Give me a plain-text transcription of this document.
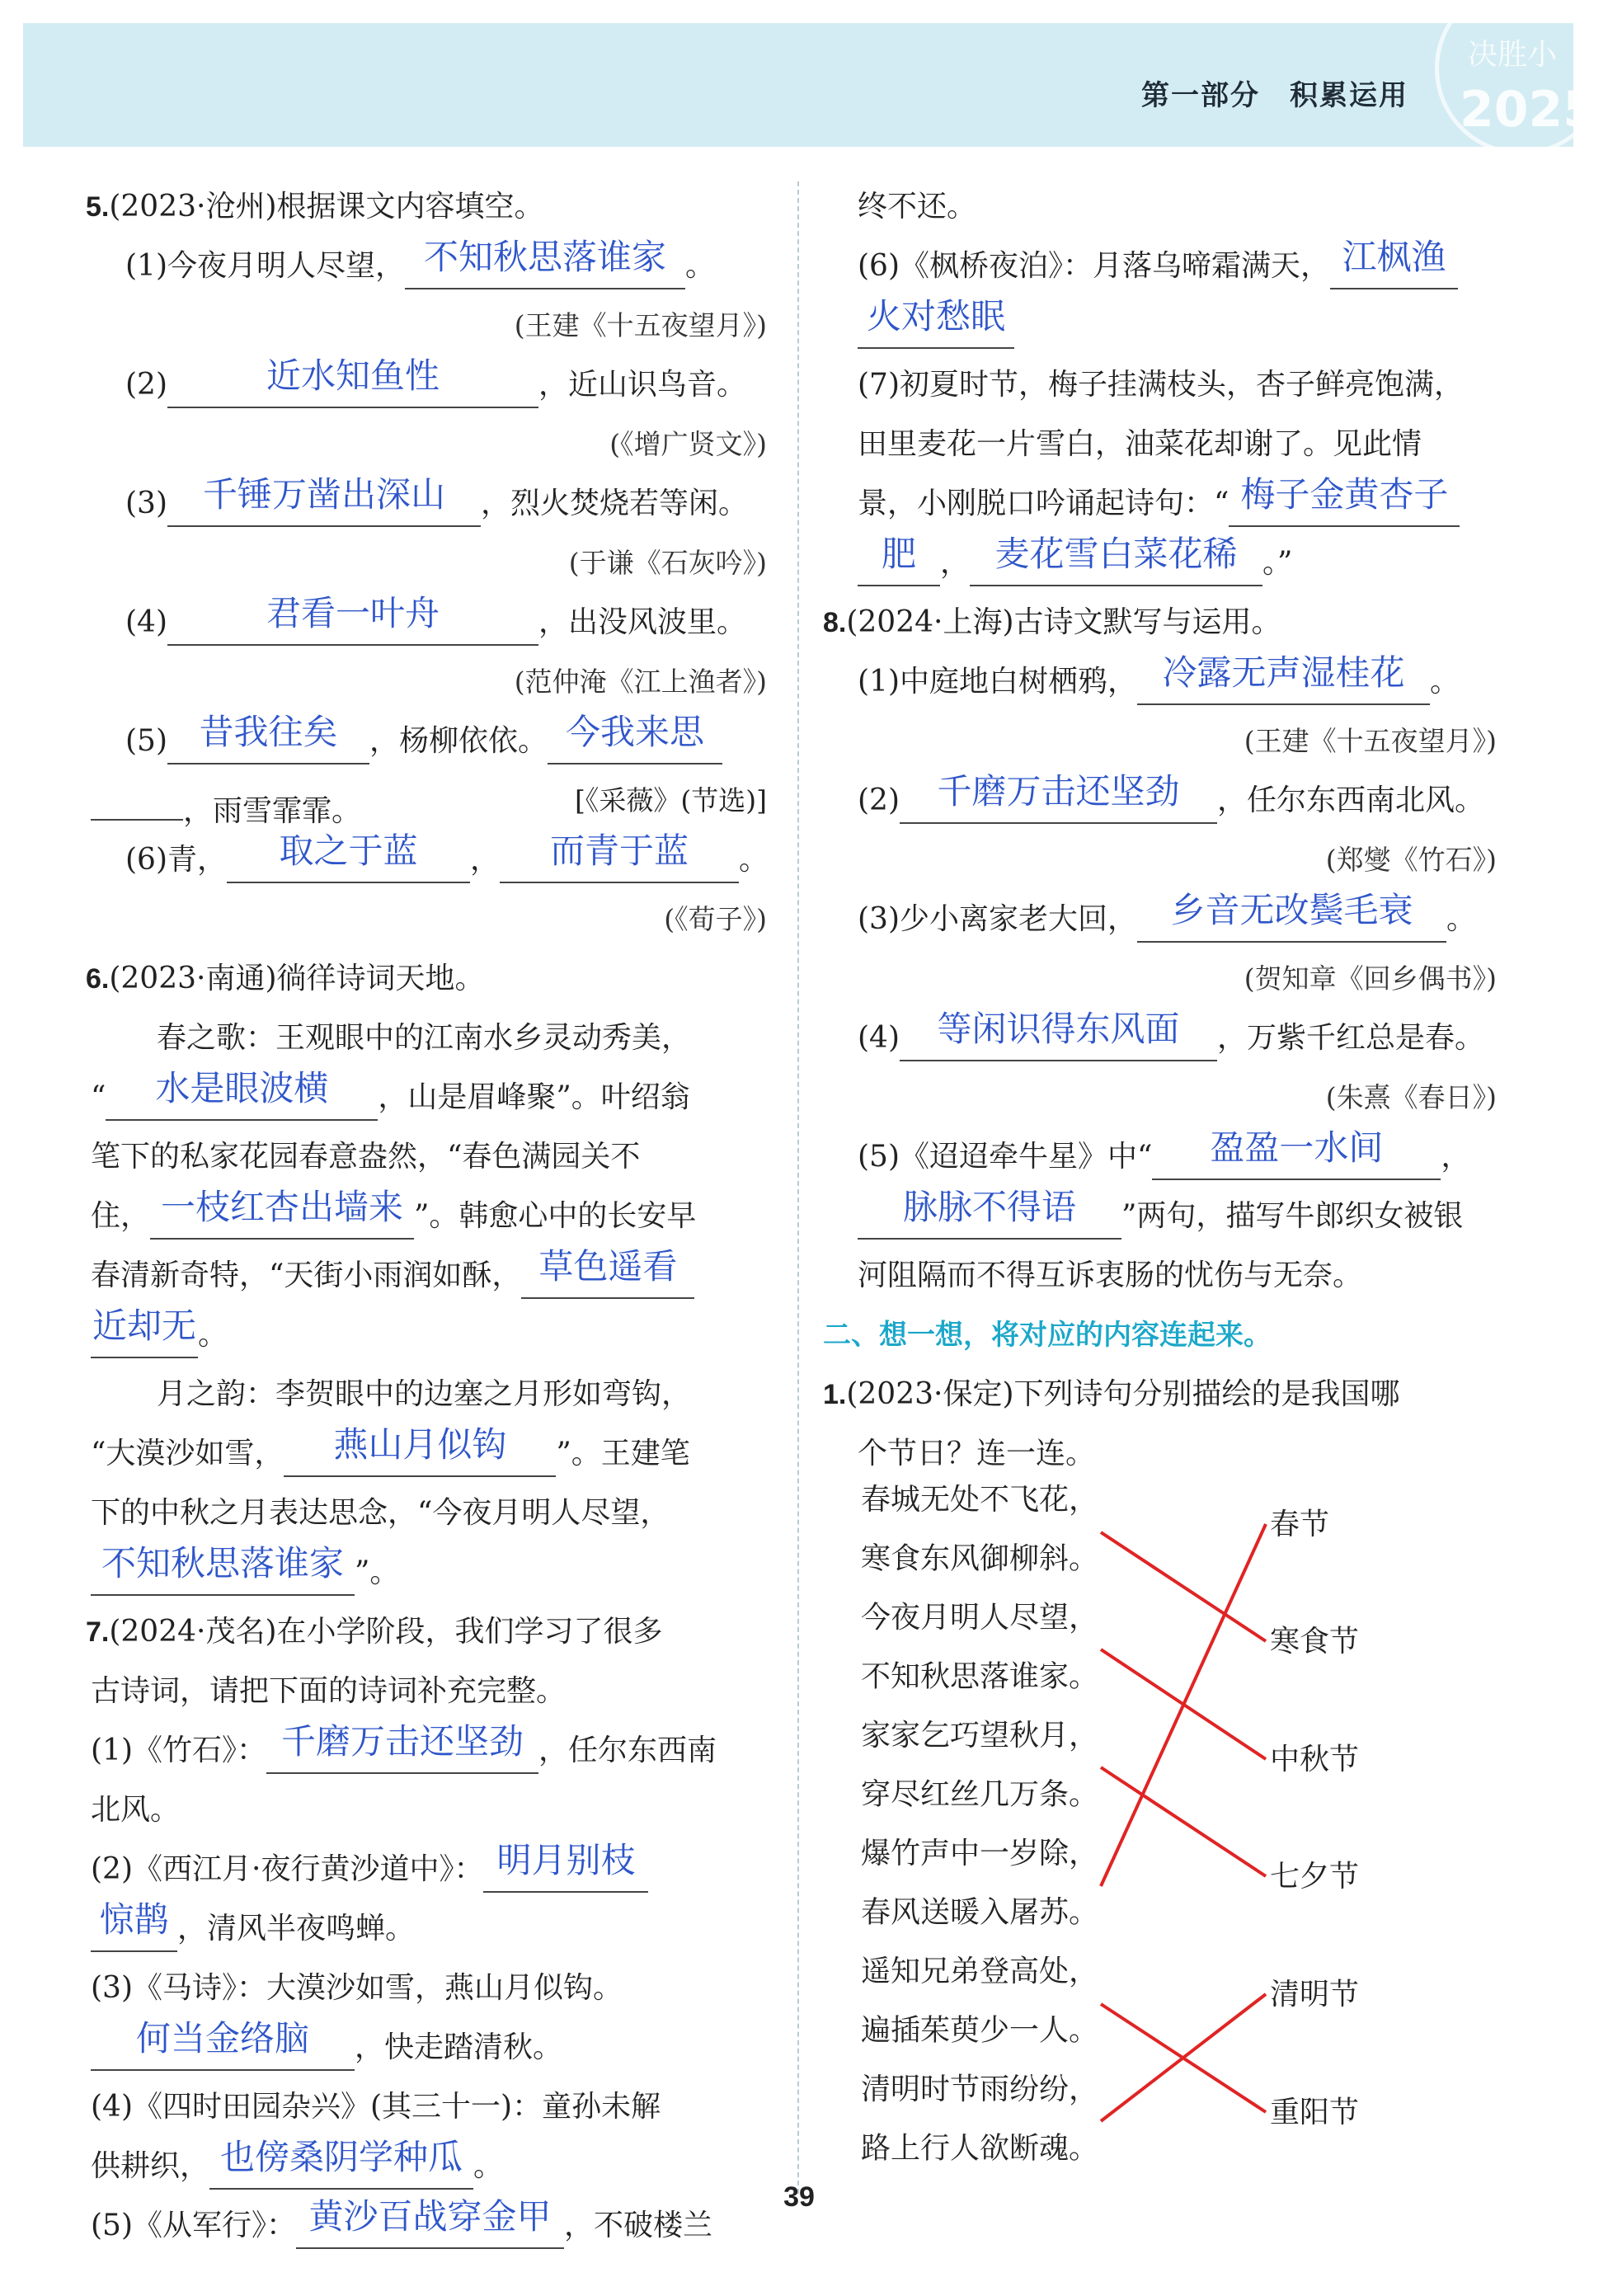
第一部分　积累运用
决胜小
2025
5.(2023·沧州)根据课文内容填空。
(1)今夜月明人尽望， 不知秋思落谁家 。
(王建《十五夜望月》)
(2)	近水知鱼性	，近山识鸟音。
(《增广贤文》)
(3) 千锤万凿出深山 ，烈火焚烧若等闲。
(于谦《石灰吟》)
(4)	君看一叶舟	，出没风波里。
(范仲淹《江上渔者》)
(5) 昔我往矣 ，杨柳依依。 今我来思
，雨雪霏霏。	[《采薇》(节选)]
(6)青， 取之于蓝 ， 而青于蓝 。
(《荀子》)
6.(2023·南通)徜徉诗词天地。
春之歌：王观眼中的江南水乡灵动秀美，
“ 水是眼波横 ，山是眉峰聚”。叶绍翁
笔下的私家花园春意盎然，“春色满园关不
住， 一枝红杏出墙来 ”。韩愈心中的长安早
春清新奇特，“天街小雨润如酥， 草色遥看
近却无。
月之韵：李贺眼中的边塞之月形如弯钩，
“大漠沙如雪， 燕山月似钩 ”。王建笔
下的中秋之月表达思念，“今夜月明人尽望，
不知秋思落谁家 ”。
7.(2024·茂名)在小学阶段，我们学习了很多
古诗词，请把下面的诗词补充完整。
(1)《竹石》： 千磨万击还坚劲 ，任尔东西南
北风。
(2)《西江月·夜行黄沙道中》： 明月别枝
惊鹊 ，清风半夜鸣蝉。
(3)《马诗》：大漠沙如雪，燕山月似钩。
何当金络脑 ，快走踏清秋。
(4)《四时田园杂兴》(其三十一)：童孙未解
供耕织， 也傍桑阴学种瓜 。
(5)《从军行》： 黄沙百战穿金甲 ，不破楼兰
终不还。
(6)《枫桥夜泊》：月落乌啼霜满天， 江枫渔
火对愁眠
(7)初夏时节，梅子挂满枝头，杏子鲜亮饱满，
田里麦花一片雪白，油菜花却谢了。见此情
景，小刚脱口吟诵起诗句：“ 梅子金黄杏子
肥 ， 麦花雪白菜花稀 。”
8.(2024·上海)古诗文默写与运用。
(1)中庭地白树栖鸦， 冷露无声湿桂花 。
(王建《十五夜望月》)
(2) 千磨万击还坚劲 ，任尔东西南北风。
(郑燮《竹石》)
(3)少小离家老大回， 乡音无改鬓毛衰 。
(贺知章《回乡偶书》)
(4) 等闲识得东风面 ，万紫千红总是春。
(朱熹《春日》)
(5)《迢迢牵牛星》中“ 盈盈一水间 ，
脉脉不得语 ”两句，描写牛郎织女被银
河阻隔而不得互诉衷肠的忧伤与无奈。
二、想一想，将对应的内容连起来。
1.(2023·保定)下列诗句分别描绘的是我国哪
个节日？连一连。
春城无处不飞花，
寒食东风御柳斜。
今夜月明人尽望，
不知秋思落谁家。
家家乞巧望秋月，
穿尽红丝几万条。
爆竹声中一岁除，
春风送暖入屠苏。
遥知兄弟登高处，
遍插茱萸少一人。
清明时节雨纷纷，
路上行人欲断魂。
春节
寒食节
中秋节
七夕节
清明节
重阳节
39
